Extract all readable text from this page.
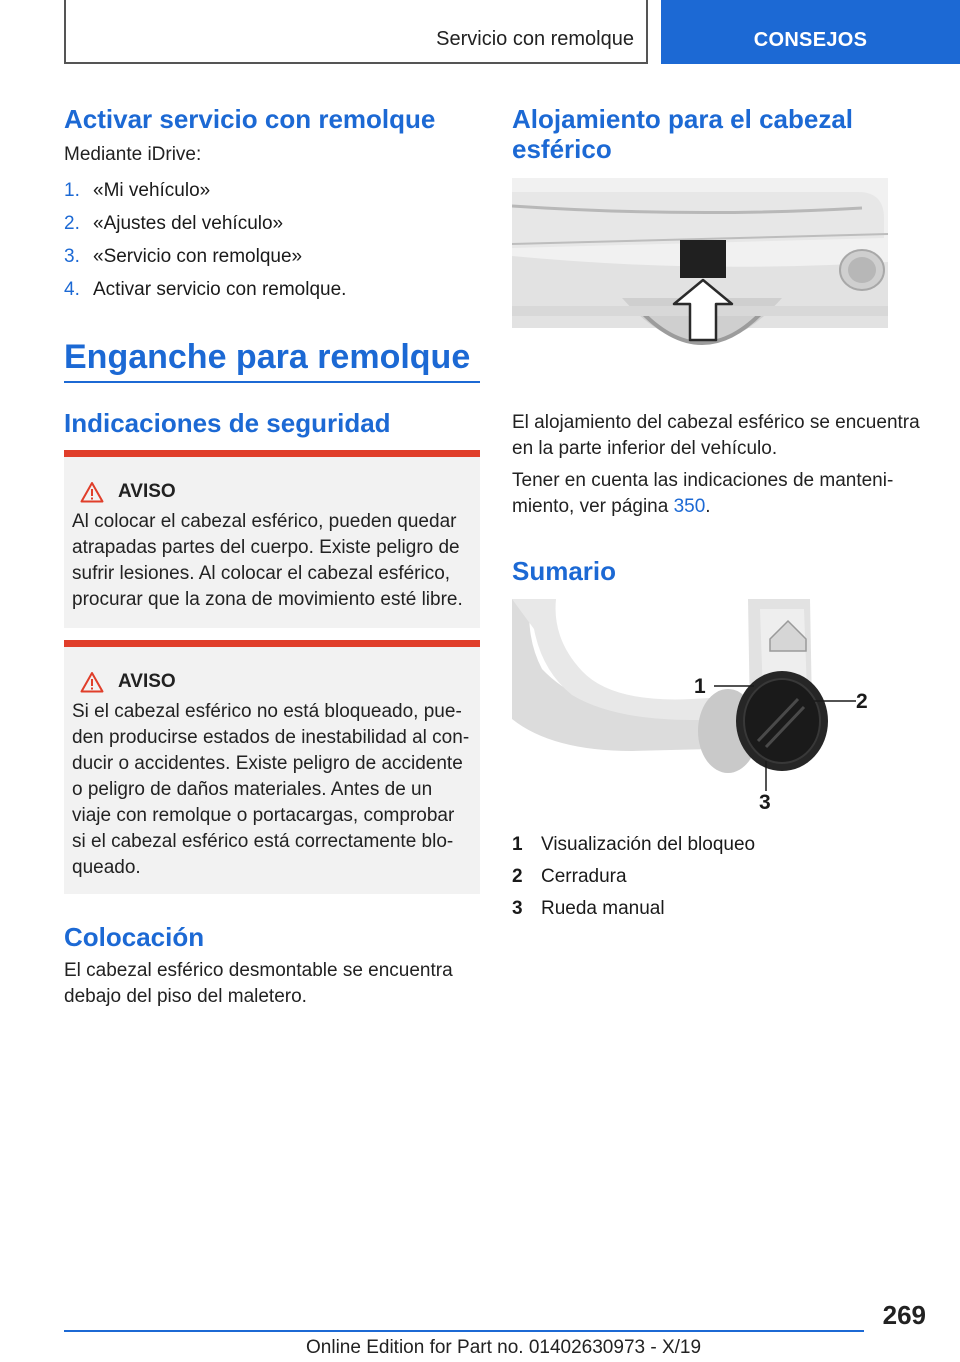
Servicio con remolque	CONSEJOS
Activar servicio con remolque

Mediante iDrive:

1. «Mi vehículo»
2. «Ajustes del vehículo»
3. «Servicio con remolque»
4. Activar servicio con remolque.
Enganche para remolque
Indicaciones de seguridad
AVISO

Al colocar el cabezal esférico, pueden quedar atrapadas partes del cuerpo. Existe peligro de sufrir lesiones. Al colocar el cabezal esférico, procurar que la zona de movimiento esté libre.

AVISO

Si el cabezal esférico no está bloqueado, pueden producirse estados de inestabilidad al conducir o accidentes. Existe peligro de accidente o peligro de daños materiales. Antes de un viaje con remolque o portacargas, comprobar si el cabezal esférico está correctamente bloqueado.

Colocación

El cabezal esférico desmontable se encuentra debajo del piso del maletero.

Alojamiento para el cabezal esférico

El alojamiento del cabezal esférico se encuentra en la parte inferior del vehículo.

Tener en cuenta las indicaciones de mantenimiento, ver página 350.

Sumario
1
2
3
1 Visualización del bloqueo
2 Cerradura
3 Rueda manual
269
Online Edition for Part no. 01402630973 - X/19
